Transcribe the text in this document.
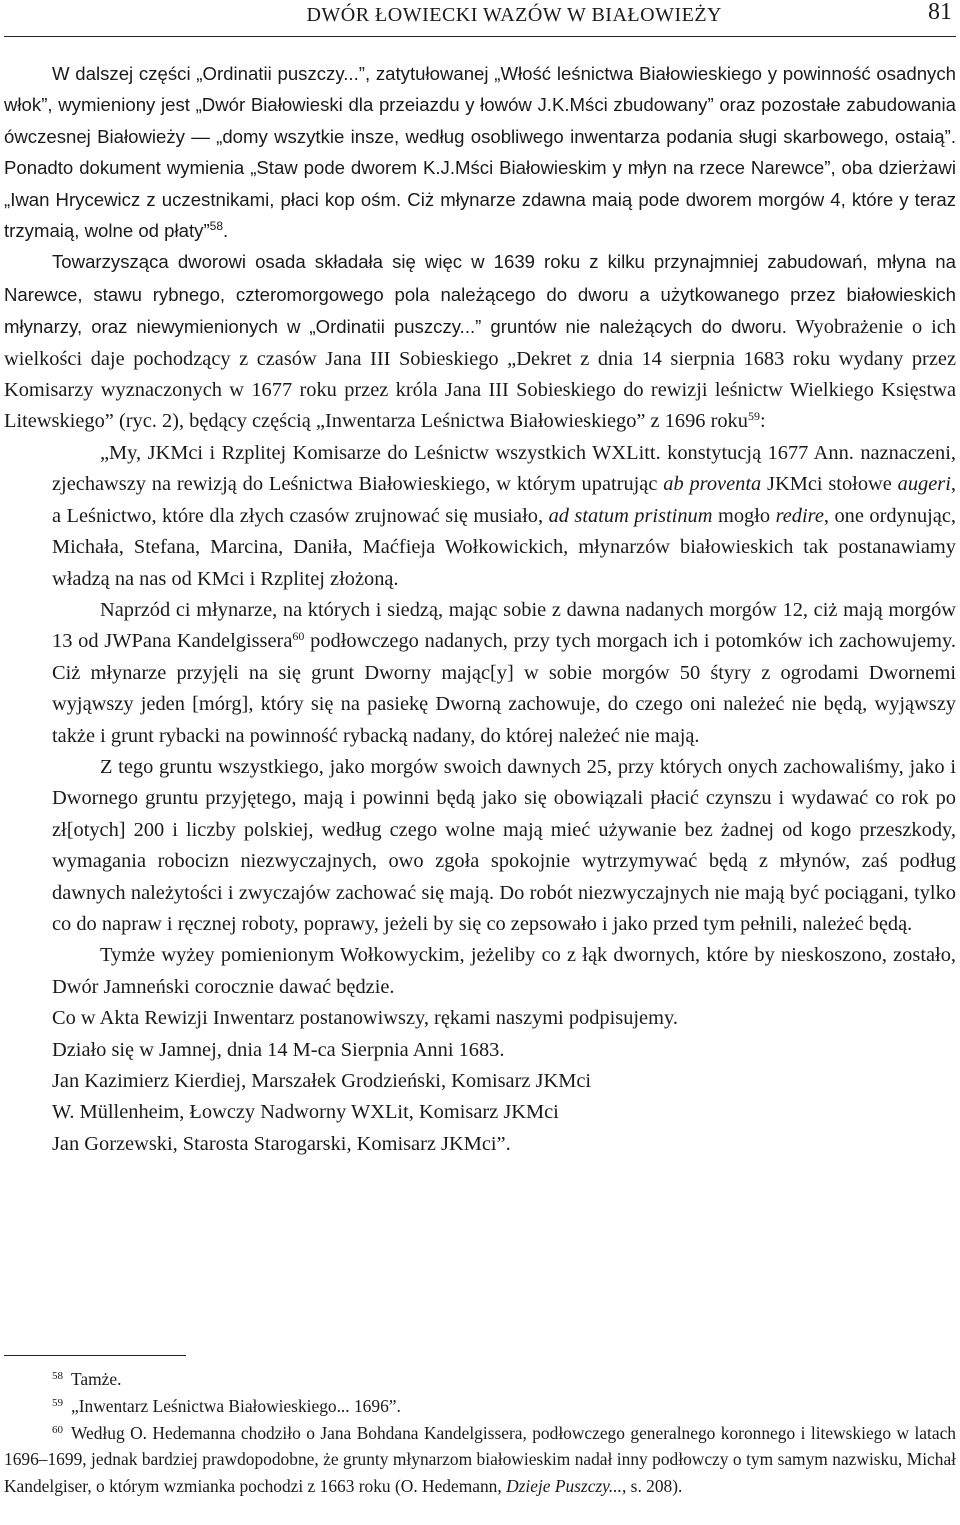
DWÓR ŁOWIECKI WAZÓW W BIAŁOWIEŻY	81

W dalszej części „Ordinatii puszczy...”, zatytułowanej „Włość leśnictwa Białowieskiego y powinność osadnych włok”, wymieniony jest „Dwór Białowieski dla przeiazdu y łowów J.K.Mści zbudowany” oraz pozostałe zabudowania ówczesnej Białowieży — „domy wszytkie insze, według osobliwego inwentarza podania sługi skarbowego, ostaią”. Ponadto dokument wymienia „Staw pode dworem K.J.Mści Białowieskim y młyn na rzece Narewce”, oba dzierżawi „Iwan Hrycewicz z uczestnikami, płaci kop ośm. Ciż młynarze zdawna maią pode dworem morgów 4, które y teraz trzymaią, wolne od płaty”$^{58}$.

Towarzysząca dworowi osada składała się więc w 1639 roku z kilku przynajmniej zabudowań, młyna na Narewce, stawu rybnego, czteromorgowego pola należącego do dworu a użytkowanego przez białowieskich młynarzy, oraz niewymienionych w „Ordinatii puszczy...” gruntów nie należących do dworu. Wyobrażenie o ich wielkości daje pochodzący z czasów Jana III Sobieskiego „Dekret z dnia 14 sierpnia 1683 roku wydany przez Komisarzy wyznaczonych w 1677 roku przez króla Jana III Sobieskiego do rewizji leśnictw Wielkiego Księstwa Litewskiego” (ryc. 2), będący częścią „Inwentarza Leśnictwa Białowieskiego” z 1696 roku$^{59}$:

„My, JKMci i Rzplitej Komisarze do Leśnictw wszystkich WXLitt. konstytucją 1677 Ann. naznaczeni, zjechawszy na rewizją do Leśnictwa Białowieskiego, w którym upatrując ab proventa JKMci stołowe augeri, a Leśnictwo, które dla złych czasów zrujnować się musiało, ad statum pristinum mogło redire, one ordynując, Michała, Stefana, Marcina, Daniła, Maćfieja Wołkowickich, młynarzów białowieskich tak postanawiamy władzą na nas od KMci i Rzplitej złożoną.

Naprzód ci młynarze, na których i siedzą, mając sobie z dawna nadanych morgów 12, ciż mają morgów 13 od JWPana Kandelgissera$^{60}$ podłowczego nadanych, przy tych morgach ich i potomków ich zachowujemy. Ciż młynarze przyjęli na się grunt Dworny mając[y] w sobie morgów 50 śtyry z ogrodami Dwornemi wyjąwszy jeden [mórg], który się na pasiekę Dworną zachowuje, do czego oni należeć nie będą, wyjąwszy także i grunt rybacki na powinność rybacką nadany, do której należeć nie mają.

Z tego gruntu wszystkiego, jako morgów swoich dawnych 25, przy których onych zachowaliśmy, jako i Dwornego gruntu przyjętego, mają i powinni będą jako się obowiązali płacić czynszu i wydawać co rok po zł[otych] 200 i liczby polskiej, według czego wolne mają mieć używanie bez żadnej od kogo przeszkody, wymagania robocizn niezwyczajnych, owo zgoła spokojnie wytrzymywać będą z młynów, zaś podług dawnych należytości i zwyczajów zachować się mają. Do robót niezwyczajnych nie mają być pociągani, tylko co do napraw i ręcznej roboty, poprawy, jeżeli by się co zepsowało i jako przed tym pełnili, należeć będą.

Tymże wyżey pomienionym Wołkowyckim, jeżeliby co z łąk dwornych, które by nieskoszono, zostało, Dwór Jamneński corocznie dawać będzie.

Co w Akta Rewizji Inwentarz postanowiwszy, rękami naszymi podpisujemy.

Działo się w Jamnej, dnia 14 M-ca Sierpnia Anni 1683.

Jan Kazimierz Kierdiej, Marszałek Grodzieński, Komisarz JKMci

W. Müllenheim, Łowczy Nadworny WXLit, Komisarz JKMci

Jan Gorzewski, Starosta Starogarski, Komisarz JKMci”.

$^{58}$ Tamże.

$^{59}$ „Inwentarz Leśnictwa Białowieskiego... 1696”.

$^{60}$ Według O. Hedemanna chodziło o Jana Bohdana Kandelgissera, podłowczego generalnego koronnego i litewskiego w latach 1696–1699, jednak bardziej prawdopodobne, że grunty młynarzom białowieskim nadał inny podłowczy o tym samym nazwisku, Michał Kandelgiser, o którym wzmianka pochodzi z 1663 roku (O. Hedemann, Dzieje Puszczy..., s. 208).
